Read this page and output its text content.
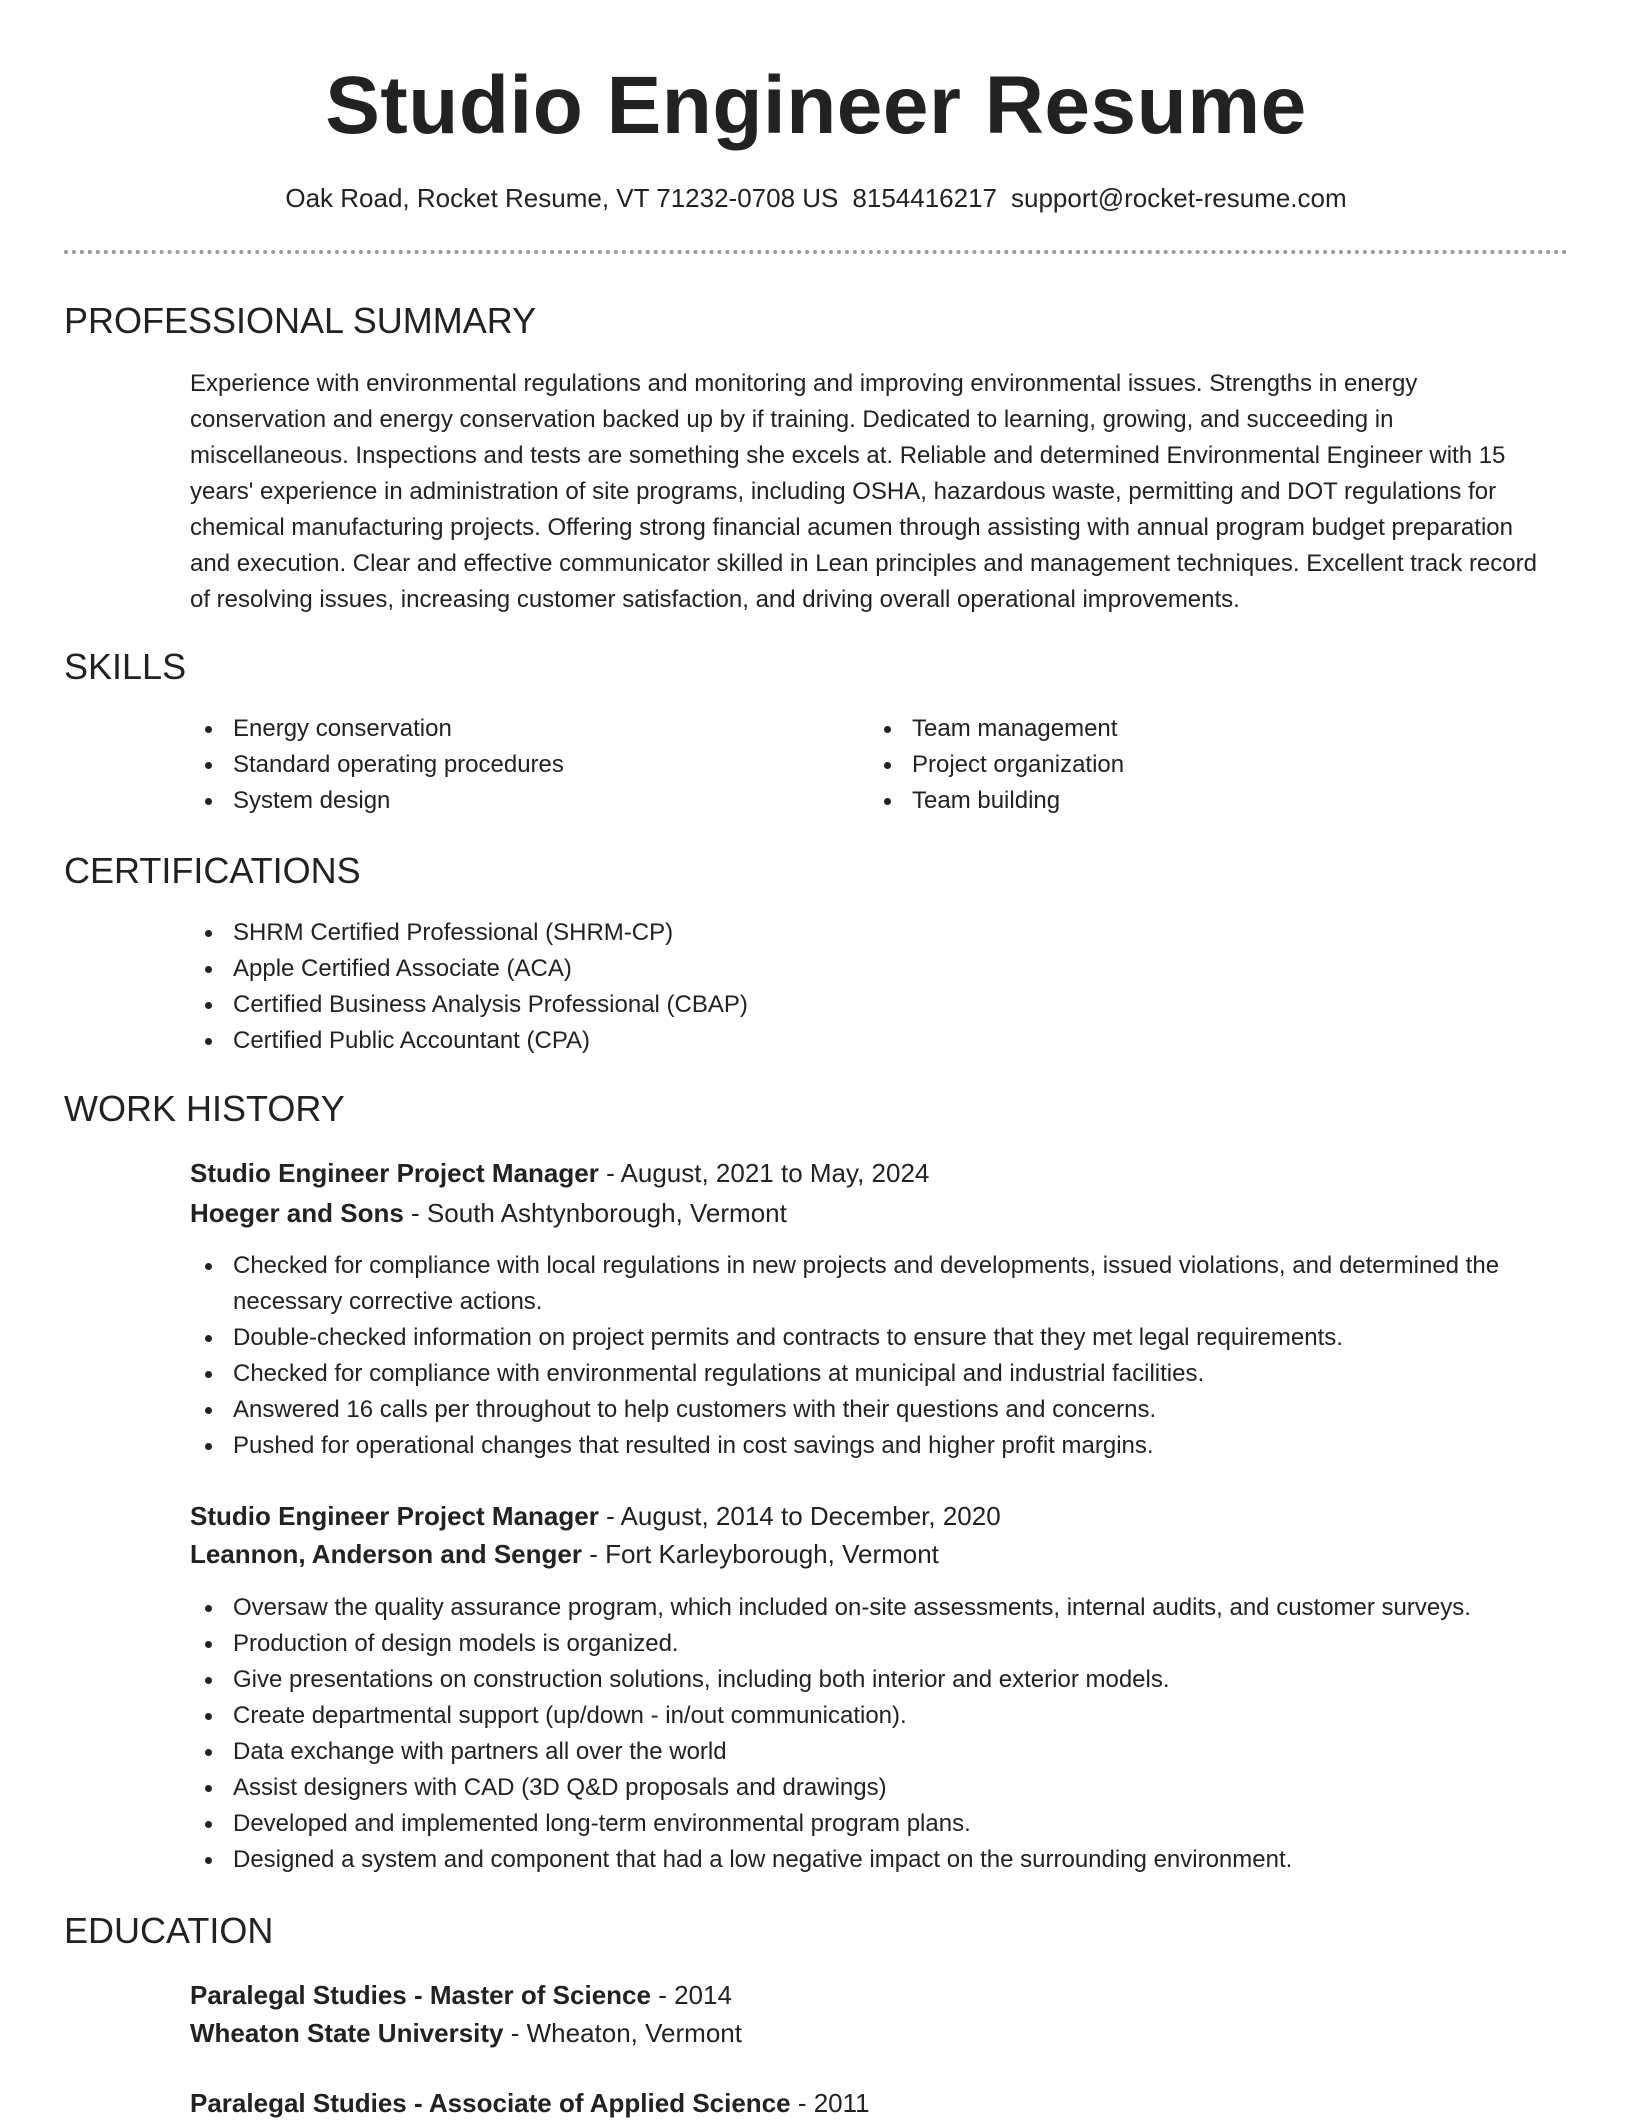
Studio Engineer Resume
Oak Road, Rocket Resume, VT 71232-0708 US 8154416217 support@rocket-resume.com
PROFESSIONAL SUMMARY
Experience with environmental regulations and monitoring and improving environmental issues. Strengths in energy conservation and energy conservation backed up by if training. Dedicated to learning, growing, and succeeding in miscellaneous. Inspections and tests are something she excels at. Reliable and determined Environmental Engineer with 15 years' experience in administration of site programs, including OSHA, hazardous waste, permitting and DOT regulations for chemical manufacturing projects. Offering strong financial acumen through assisting with annual program budget preparation and execution. Clear and effective communicator skilled in Lean principles and management techniques. Excellent track record of resolving issues, increasing customer satisfaction, and driving overall operational improvements.
SKILLS
Energy conservation
Standard operating procedures
System design
Team management
Project organization
Team building
CERTIFICATIONS
SHRM Certified Professional (SHRM-CP)
Apple Certified Associate (ACA)
Certified Business Analysis Professional (CBAP)
Certified Public Accountant (CPA)
WORK HISTORY
Studio Engineer Project Manager - August, 2021 to May, 2024
Hoeger and Sons - South Ashtynborough, Vermont
Checked for compliance with local regulations in new projects and developments, issued violations, and determined the necessary corrective actions.
Double-checked information on project permits and contracts to ensure that they met legal requirements.
Checked for compliance with environmental regulations at municipal and industrial facilities.
Answered 16 calls per throughout to help customers with their questions and concerns.
Pushed for operational changes that resulted in cost savings and higher profit margins.
Studio Engineer Project Manager - August, 2014 to December, 2020
Leannon, Anderson and Senger - Fort Karleyborough, Vermont
Oversaw the quality assurance program, which included on-site assessments, internal audits, and customer surveys.
Production of design models is organized.
Give presentations on construction solutions, including both interior and exterior models.
Create departmental support (up/down - in/out communication).
Data exchange with partners all over the world
Assist designers with CAD (3D Q&D proposals and drawings)
Developed and implemented long-term environmental program plans.
Designed a system and component that had a low negative impact on the surrounding environment.
EDUCATION
Paralegal Studies - Master of Science - 2014
Wheaton State University - Wheaton, Vermont
Paralegal Studies - Associate of Applied Science - 2011
